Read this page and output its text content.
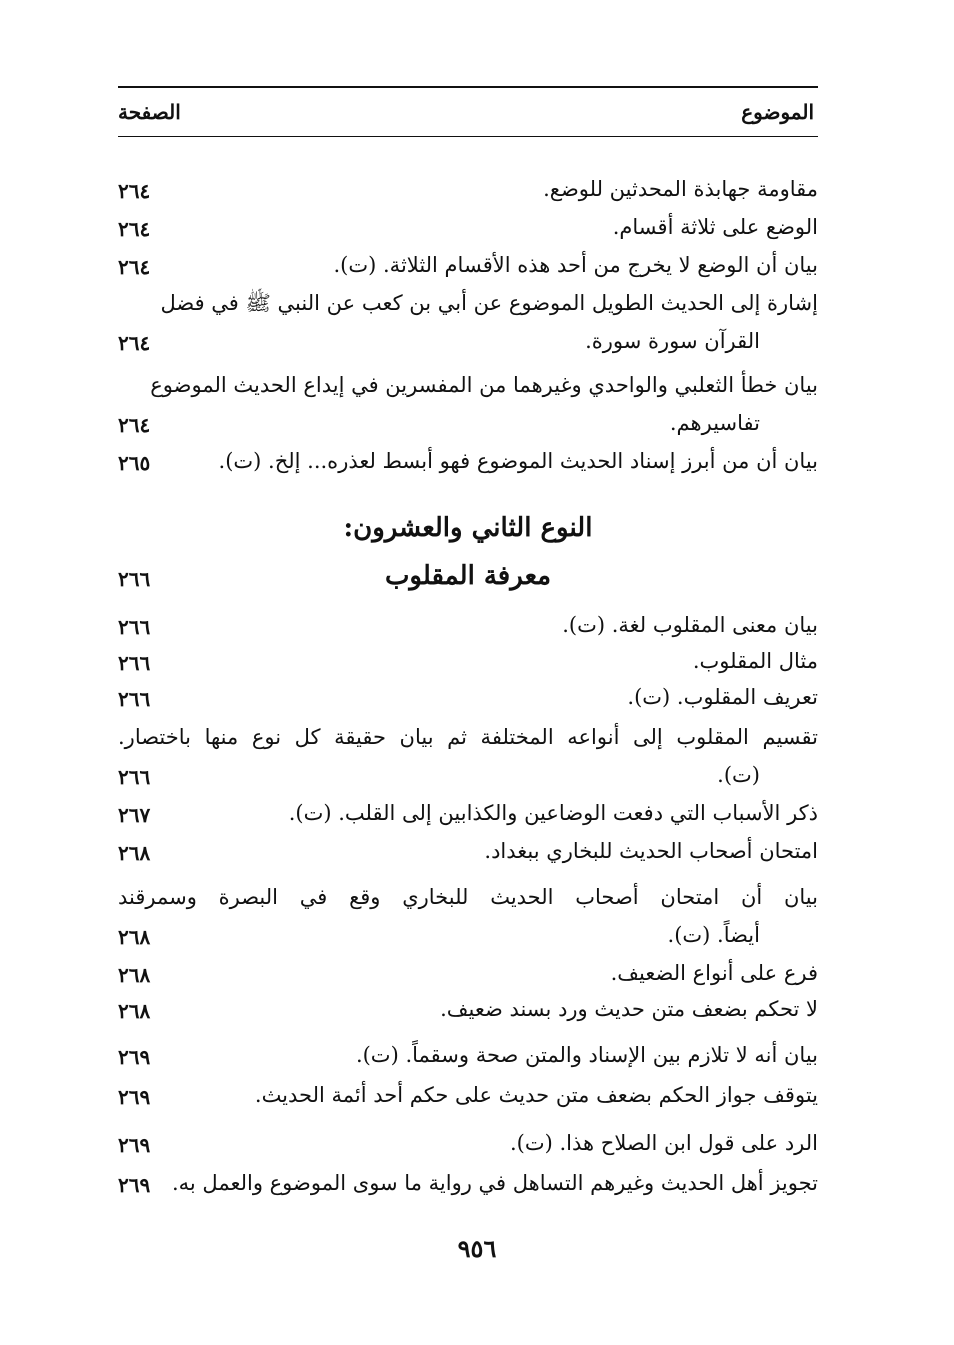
الموضوع
الصفحة
مقاومة جهابذة المحدثين للوضع.
٢٦٤
الوضع على ثلاثة أقسام.
٢٦٤
بيان أن الوضع لا يخرج من أحد هذه الأقسام الثلاثة. (ت).
٢٦٤
إشارة إلى الحديث الطويل الموضوع عن أبي بن كعب عن النبي ﷺ في فضل
القرآن سورة سورة.
٢٦٤
بيان خطأ الثعلبي والواحدي وغيرهما من المفسرين في إيداع الحديث الموضوع
تفاسيرهم.
٢٦٤
بيان أن من أبرز إسناد الحديث الموضوع فهو أبسط لعذره... إلخ. (ت).
٢٦٥
النوع الثاني والعشرون:
معرفة المقلوب
٢٦٦
بيان معنى المقلوب لغة. (ت).
٢٦٦
مثال المقلوب.
٢٦٦
تعريف المقلوب. (ت).
٢٦٦
تقسيم المقلوب إلى أنواعه المختلفة ثم بيان حقيقة كل نوع منها باختصار.
(ت).
٢٦٦
ذكر الأسباب التي دفعت الوضاعين والكذابين إلى القلب. (ت).
٢٦٧
امتحان أصحاب الحديث للبخاري ببغداد.
٢٦٨
بيان أن امتحان أصحاب الحديث للبخاري وقع في البصرة وسمرقند
أيضاً. (ت).
٢٦٨
فرع على أنواع الضعيف.
٢٦٨
لا تحكم بضعف متن حديث ورد بسند ضعيف.
٢٦٨
بيان أنه لا تلازم بين الإسناد والمتن صحة وسقماً. (ت).
٢٦٩
يتوقف جواز الحكم بضعف متن حديث على حكم أحد أئمة الحديث.
٢٦٩
الرد على قول ابن الصلاح هذا. (ت).
٢٦٩
تجويز أهل الحديث وغيرهم التساهل في رواية ما سوى الموضوع والعمل به.
٢٦٩
٩٥٦
